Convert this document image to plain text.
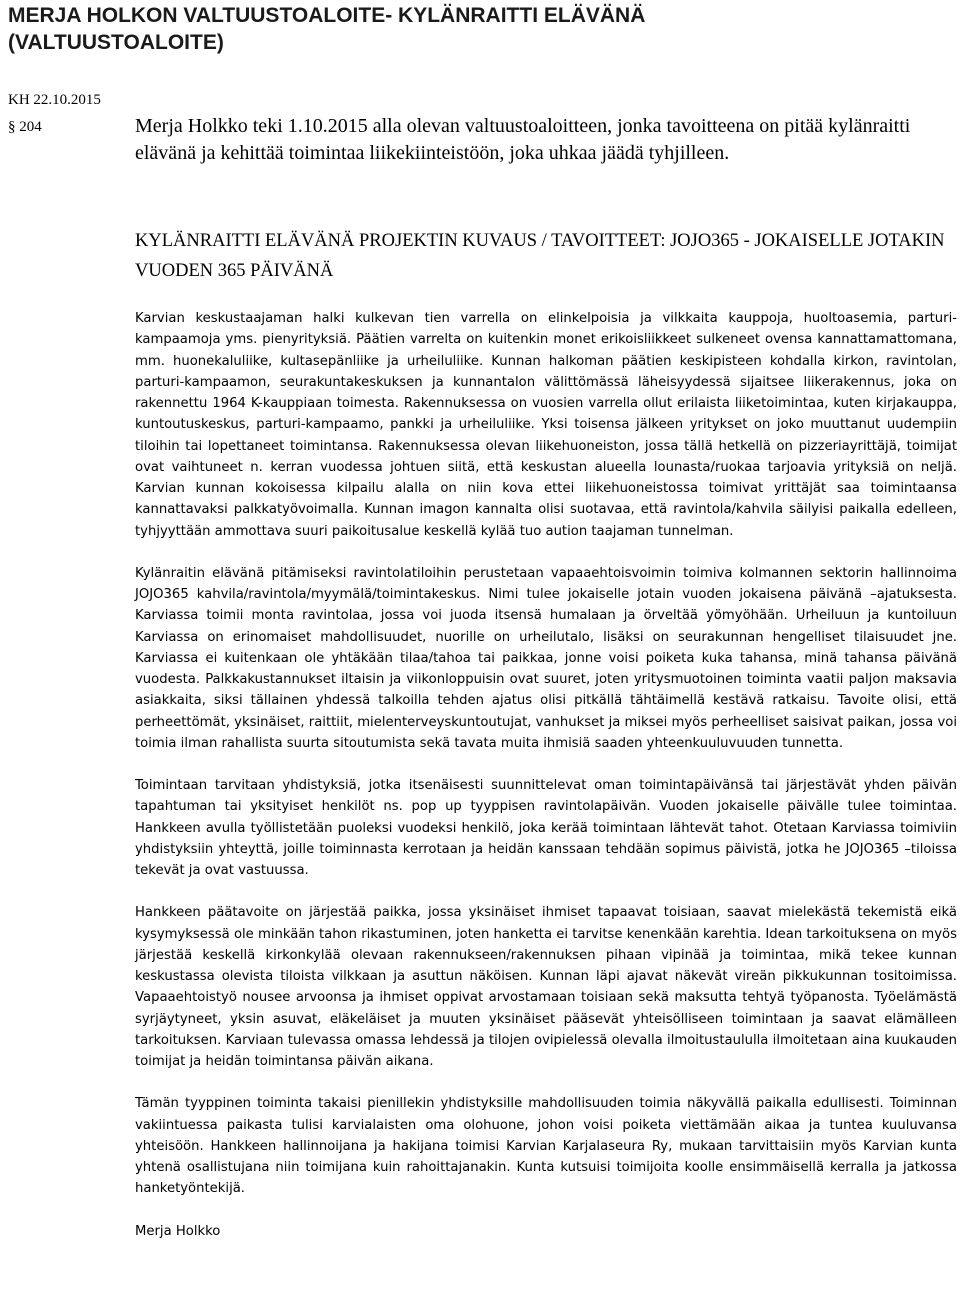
MERJA HOLKON VALTUUSTOALOITE- KYLÄNRAITTI ELÄVÄNÄ
(VALTUUSTOALOITE)
KH 22.10.2015
§ 204	Merja Holkko teki 1.10.2015 alla olevan valtuustoaloitteen, jonka tavoitteena on pitää kylänraitti elävänä ja kehittää toimintaa liikekiinteistöön, joka uhkaa jäädä tyhjilleen.
KYLÄNRAITTI ELÄVÄNÄ PROJEKTIN KUVAUS / TAVOITTEET: JOJO365 - JOKAISELLE JOTAKIN VUODEN 365 PÄIVÄNÄ

Karvian keskustaajaman halki kulkevan tien varrella on elinkelpoisia ja vilkkaita kauppoja, huoltoasemia, parturi-kampaamoja yms. pienyrityksiä. Päätien varrelta on kuitenkin monet erikoisliikkeet sulkeneet ovensa kannattamattomana, mm. huonekaluliike, kultasepänliike ja urheiluliike. Kunnan halkoman päätien keskipisteen kohdalla kirkon, ravintolan, parturi-kampaamon, seurakuntakeskuksen ja kunnantalon välittömässä läheisyydessä sijaitsee liikerakennus, joka on rakennettu 1964 K-kauppiaan toimesta. Rakennuksessa on vuosien varrella ollut erilaista liiketoimintaa, kuten kirjakauppa, kuntoutuskeskus, parturi-kampaamo, pankki ja urheiluliike. Yksi toisensa jälkeen yritykset on joko muuttanut uudempiin tiloihin tai lopettaneet toimintansa. Rakennuksessa olevan liikehuoneiston, jossa tällä hetkellä on pizzeriayrittäjä, toimijat ovat vaihtuneet n. kerran vuodessa johtuen siitä, että keskustan alueella lounasta/ruokaa tarjoavia yrityksiä on neljä. Karvian kunnan kokoisessa kilpailu alalla on niin kova ettei liikehuoneistossa toimivat yrittäjät saa toimintaansa kannattavaksi palkkatyövoimalla. Kunnan imagon kannalta olisi suotavaa, että ravintola/kahvila säilyisi paikalla edelleen, tyhjyyttään ammottava suuri paikoitusalue keskellä kylää tuo aution taajaman tunnelman.

Kylänraitin elävänä pitämiseksi ravintolatiloihin perustetaan vapaaehtoisvoimin toimiva kolmannen sektorin hallinnoima JOJO365 kahvila/ravintola/myymälä/toimintakeskus. Nimi tulee jokaiselle jotain vuoden jokaisena päivänä –ajatuksesta. Karviassa toimii monta ravintolaa, jossa voi juoda itsensä humalaan ja örveltää yömyöhään. Urheiluun ja kuntoiluun Karviassa on erinomaiset mahdollisuudet, nuorille on urheilutalo, lisäksi on seurakunnan hengelliset tilaisuudet jne. Karviassa ei kuitenkaan ole yhtäkään tilaa/tahoa tai paikkaa, jonne voisi poiketa kuka tahansa, minä tahansa päivänä vuodesta. Palkkakustannukset iltaisin ja viikonloppuisin ovat suuret, joten yritysmuotoinen toiminta vaatii paljon maksavia asiakkaita, siksi tällainen yhdessä talkoilla tehden ajatus olisi pitkällä tähtäimellä kestävä ratkaisu. Tavoite olisi, että perheettömät, yksinäiset, raittiit, mielenterveyskuntoutujat, vanhukset ja miksei myös perheelliset saisivat paikan, jossa voi toimia ilman rahallista suurta sitoutumista sekä tavata muita ihmisiä saaden yhteenkuuluvuuden tunnetta.

Toimintaan tarvitaan yhdistyksiä, jotka itsenäisesti suunnittelevat oman toimintapäivänsä tai järjestävät yhden päivän tapahtuman tai yksityiset henkilöt ns. pop up tyyppisen ravintolapäivän. Vuoden jokaiselle päivälle tulee toimintaa. Hankkeen avulla työllistetään puoleksi vuodeksi henkilö, joka kerää toimintaan lähtevät tahot. Otetaan Karviassa toimiviin yhdistyksiin yhteyttä, joille toiminnasta kerrotaan ja heidän kanssaan tehdään sopimus päivistä, jotka he JOJO365 –tiloissa tekevät ja ovat vastuussa.

Hankkeen päätavoite on järjestää paikka, jossa yksinäiset ihmiset tapaavat toisiaan, saavat mielekästä tekemistä eikä kysymyksessä ole minkään tahon rikastuminen, joten hanketta ei tarvitse kenenkään karehtia. Idean tarkoituksena on myös järjestää keskellä kirkonkylää olevaan rakennukseen/rakennuksen pihaan vipinää ja toimintaa, mikä tekee kunnan keskustassa olevista tiloista vilkkaan ja asuttun näköisen. Kunnan läpi ajavat näkevät vireän pikkukunnan tositoimissa. Vapaaehtoistyö nousee arvoonsa ja ihmiset oppivat arvostamaan toisiaan sekä maksutta tehtyä työpanosta. Työelämästä syrjäytyneet, yksin asuvat, eläkeläiset ja muuten yksinäiset pääsevät yhteisölliseen toimintaan ja saavat elämälleen tarkoituksen. Karviaan tulevassa omassa lehdessä ja tilojen ovipielessä olevalla ilmoitustaululla ilmoitetaan aina kuukauden toimijat ja heidän toimintansa päivän aikana.

Tämän tyyppinen toiminta takaisi pienillekin yhdistyksille mahdollisuuden toimia näkyvällä paikalla edullisesti. Toiminnan vakiintuessa paikasta tulisi karvialaisten oma olohuone, johon voisi poiketa viettämään aikaa ja tuntea kuuluvansa yhteisöön. Hankkeen hallinnoijana ja hakijana toimisi Karvian Karjalaseura Ry, mukaan tarvittaisiin myös Karvian kunta yhtenä osallistujana niin toimijana kuin rahoittajanakin. Kunta kutsuisi toimijoita koolle ensimmäisellä kerralla ja jatkossa hanketyöntekijä.

Merja Holkko
